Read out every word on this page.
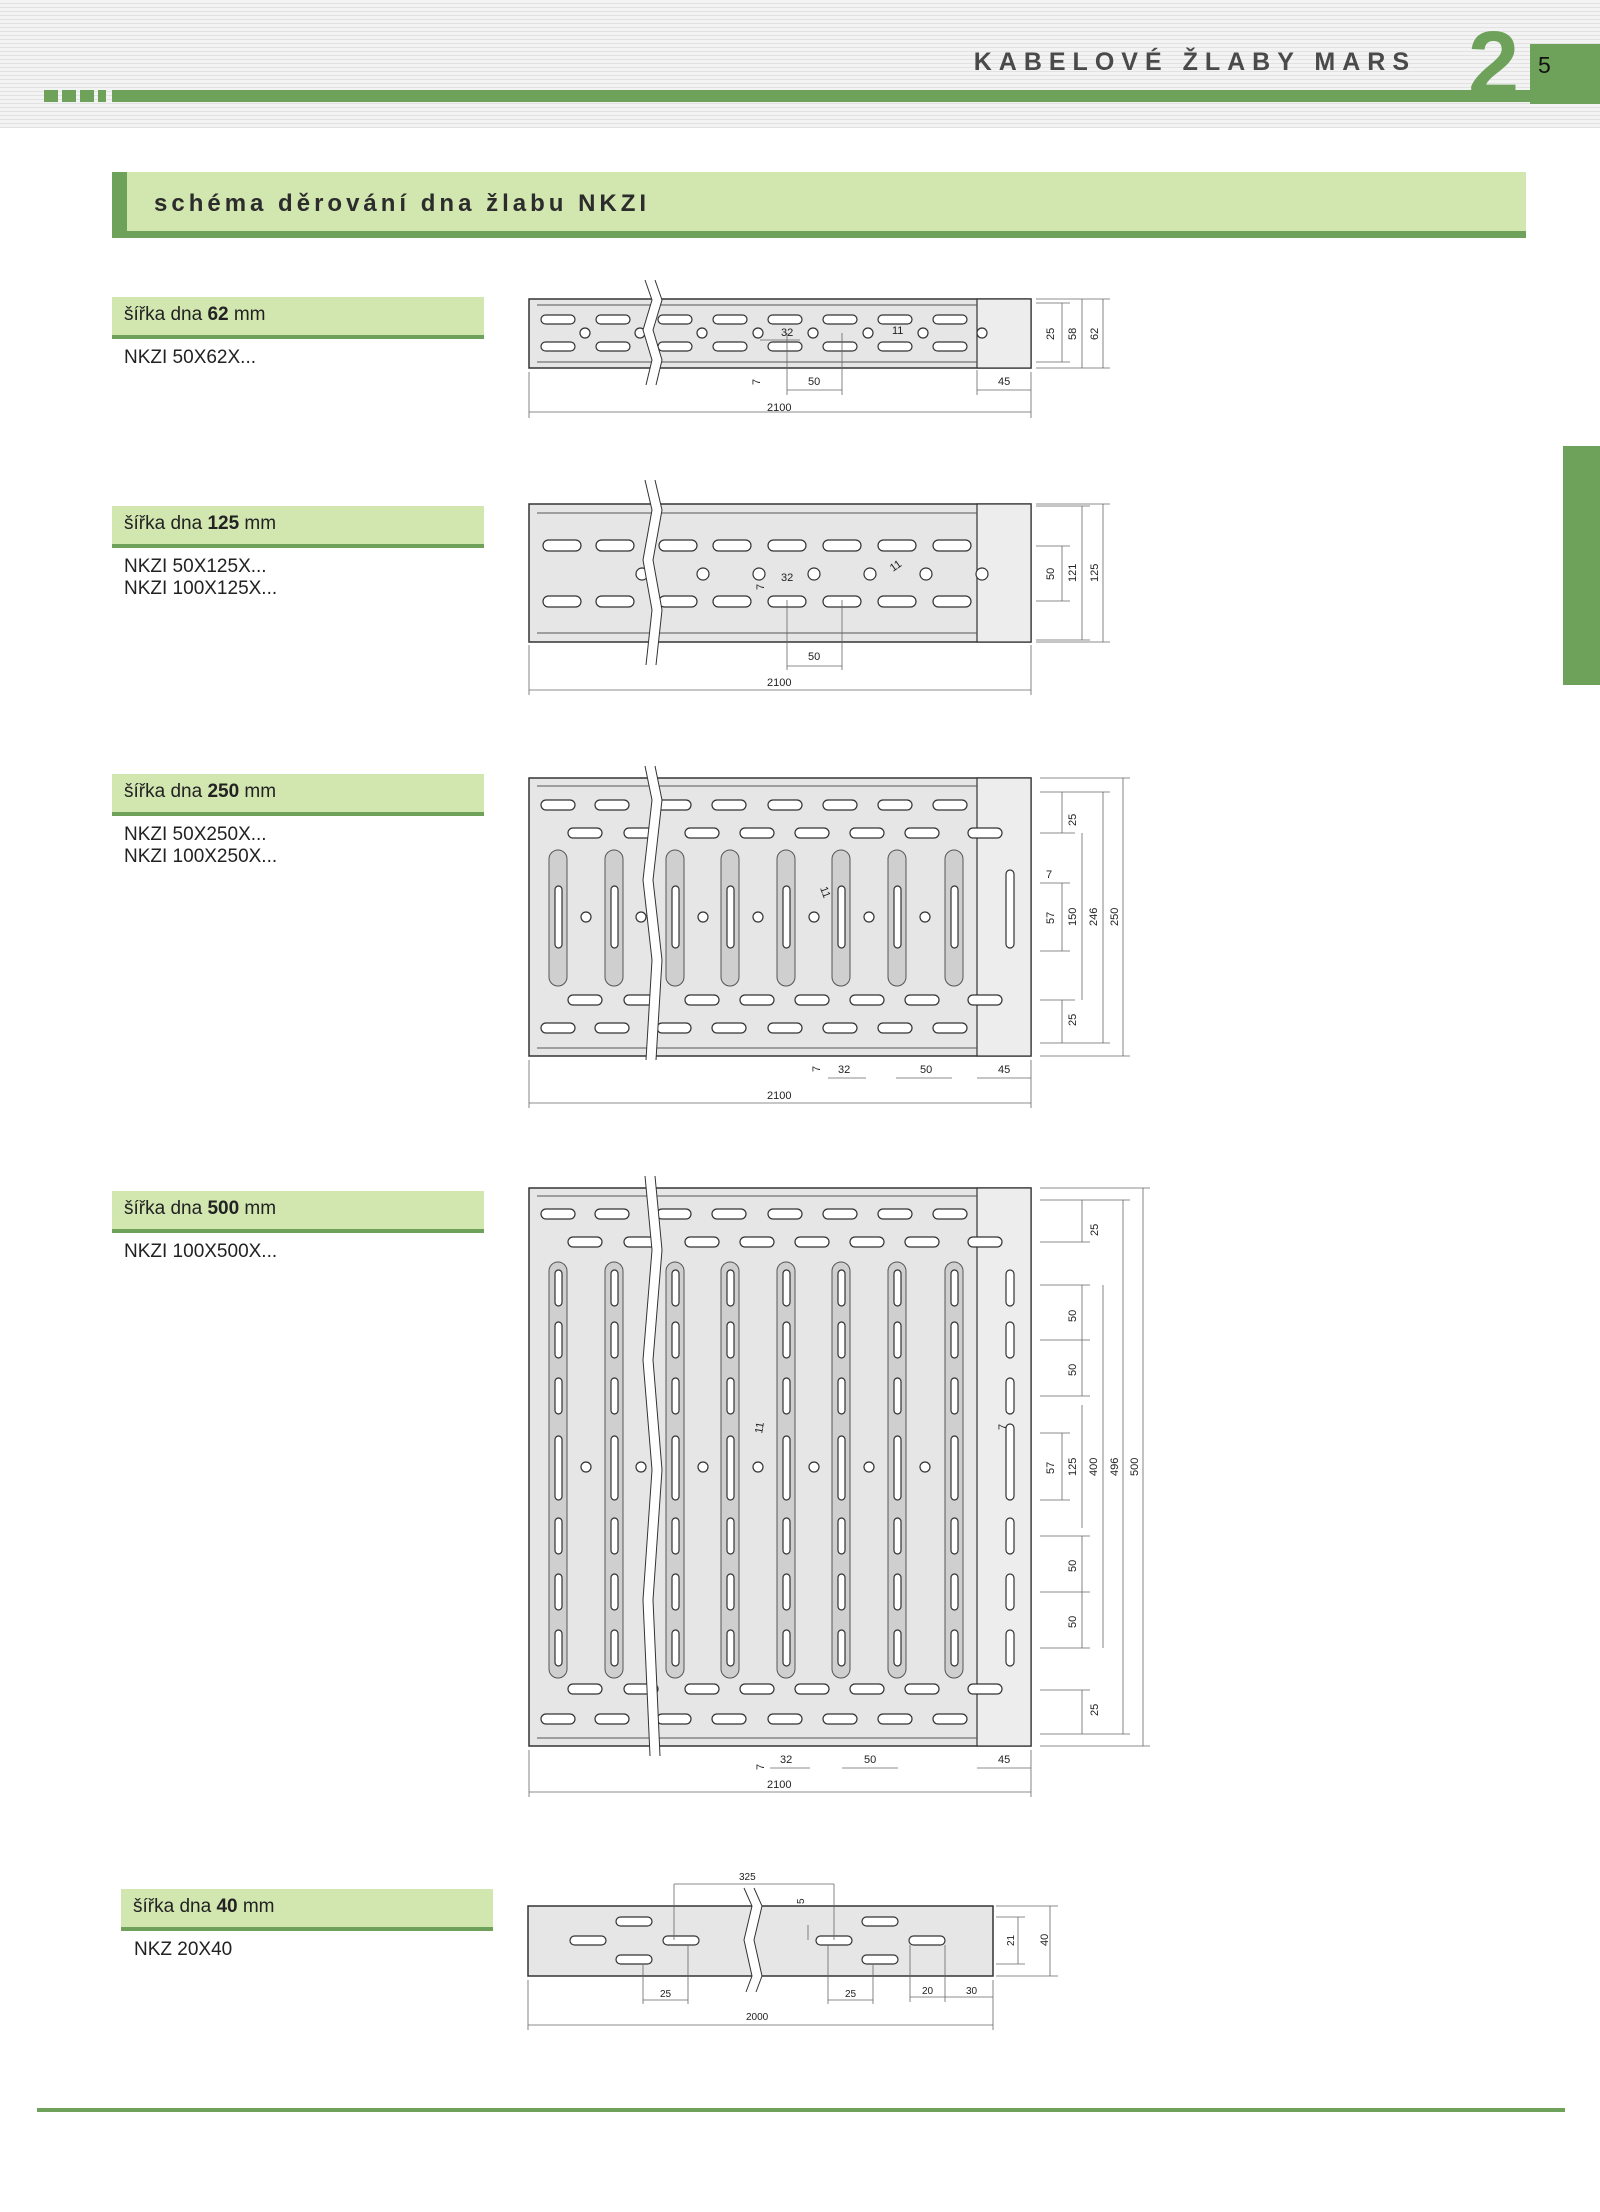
KABELOVÉ ŽLABY MARS 2 5
schéma děrování dna žlabu NKZI
šířka dna 62 mm
NKZI 50X62X...
32	11
7	50	45
2100
25 58 62
šířka dna 125 mm
NKZI 50X125X...
NKZI 100X125X...	32
11
7
50
2100
50 121 125
šířka dna 250 mm
NKZI 50X250X...
NKZI 100X250X...
7 32	50	45
11
2100
25
7
57 150 246 250
25
šířka dna 500 mm
NKZI 100X500X...
7
32	50	45
11
2100
25
50
50
7
57 125 400 496 500
50
50
25
šířka dna 40 mm
NKZ 20X40
325
5
25	25	20	30
2000
21 40
